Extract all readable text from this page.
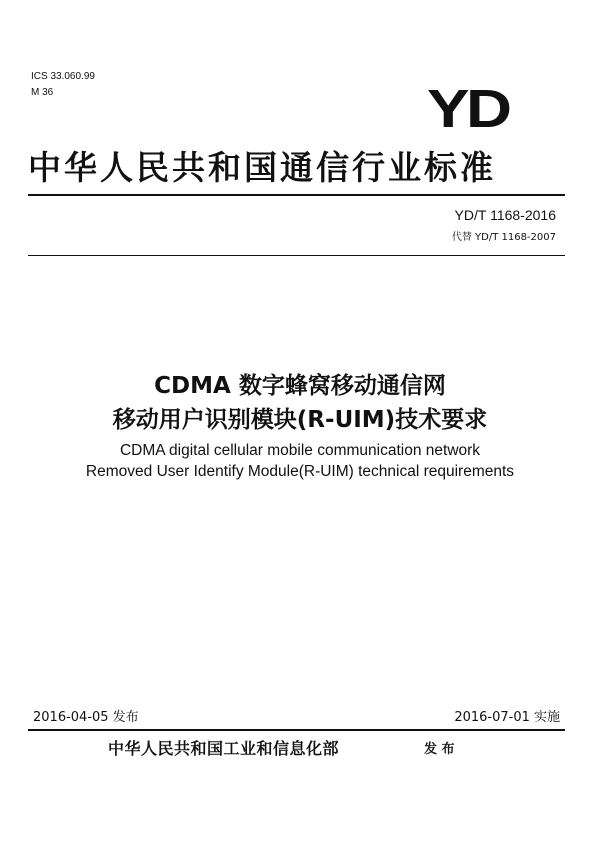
ICS 33.060.99

M 36	YD
中华人民共和国通信行业标准

YD/T 1168-2016

代替 YD/T 1168-2007

CDMA 数字蜂窝移动通信网
移动用户识别模块(R-UIM)技术要求

CDMA digital cellular mobile communication network

Removed User Identify Module(R-UIM) technical requirements

2016-04-05 发布	2016-07-01 实施

中华人民共和国工业和信息化部	发 布
